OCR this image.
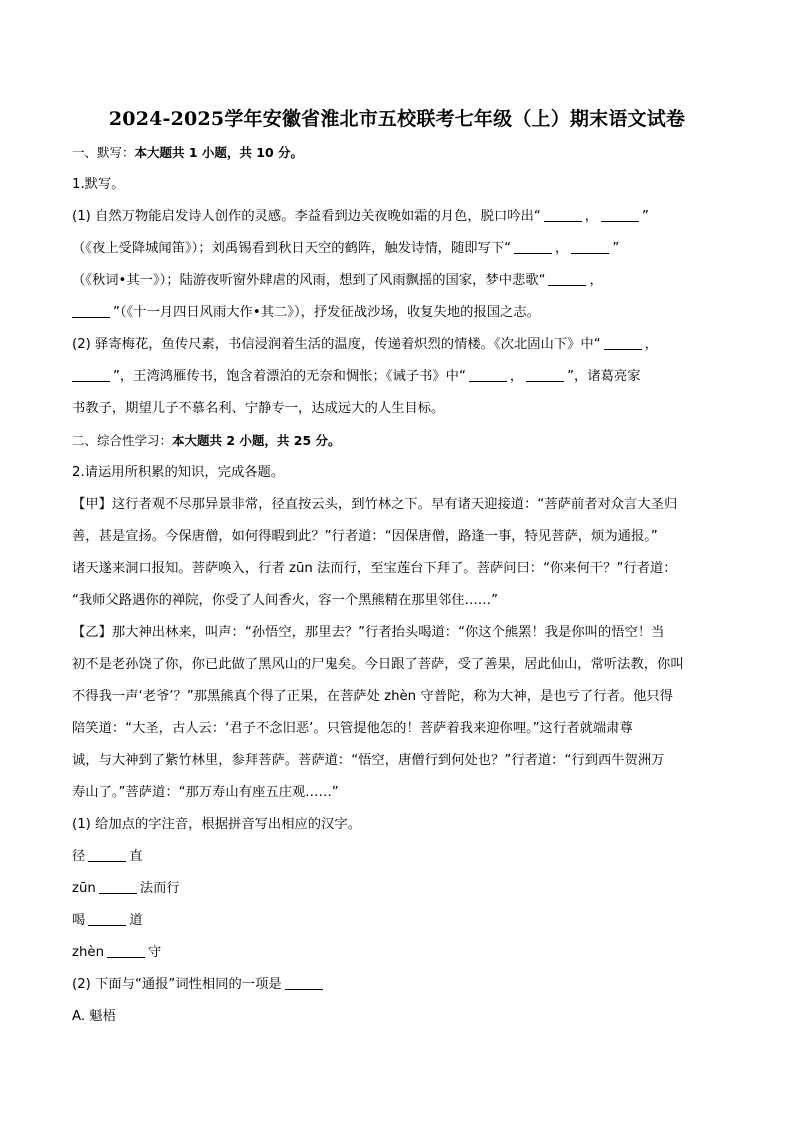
2024-2025学年安徽省淮北市五校联考七年级（上）期末语文试卷
一、默写：本大题共 1 小题，共 10 分。
1.默写。
(1) 自然万物能启发诗人创作的灵感。李益看到边关夜晚如霜的月色，脱口吟出“	，	”
（《夜上受降城闻笛》）；刘禹锡看到秋日天空的鹤阵，触发诗情，随即写下“	，	”
（《秋词•其一》）；陆游夜听窗外肆虐的风雨，想到了风雨飘摇的国家，梦中悲歌“	，
”（《十一月四日风雨大作•其二》），抒发征战沙场，收复失地的报国之志。
(2) 驿寄梅花，鱼传尺素，书信浸润着生活的温度，传递着炽烈的情楼。《次北固山下》中“	，
”，王湾鸿雁传书，饱含着漂泊的无奈和惆怅；《诫子书》中“	，	”，诸葛亮家
书教子，期望儿子不慕名利、宁静专一，达成远大的人生目标。
二、综合性学习：本大题共 2 小题，共 25 分。
2.请运用所积累的知识，完成各题。
【甲】这行者观不尽那异景非常，径直按云头，到竹林之下。早有诸天迎接道：“菩萨前者对众言大圣归
善，甚是宣扬。今保唐僧，如何得暇到此？”行者道：“因保唐僧，路逢一事，特见菩萨，烦为通报。”
诸天遂来洞口报知。菩萨唤入，行者 zūn 法而行，至宝莲台下拜了。菩萨问曰：“你来何干？”行者道：
“我师父路遇你的禅院，你受了人间香火，容一个黑熊精在那里邻住……”
【乙】那大神出林来，叫声：“孙悟空，那里去？”行者抬头喝道：“你这个熊罴！我是你叫的悟空！当
初不是老孙饶了你，你已此做了黑风山的尸鬼矣。今日跟了菩萨，受了善果，居此仙山，常听法教，你叫
不得我一声‘老爷’？”那黑熊真个得了正果，在菩萨处 zhèn 守普陀，称为大神，是也亏了行者。他只得
陪笑道：“大圣，古人云：‘君子不念旧恶’。只管提他怎的！菩萨着我来迎你哩。”这行者就端肃尊
诚，与大神到了紫竹林里，参拜菩萨。菩萨道：“悟空，唐僧行到何处也？”行者道：“行到西牛贺洲万
寿山了。”菩萨道：“那万寿山有座五庄观……”
(1) 给加点的字注音，根据拼音写出相应的汉字。
径	直
zūn	法而行
喝	道
zhèn	守
(2) 下面与“通报”词性相同的一项是
A. 魁梧
